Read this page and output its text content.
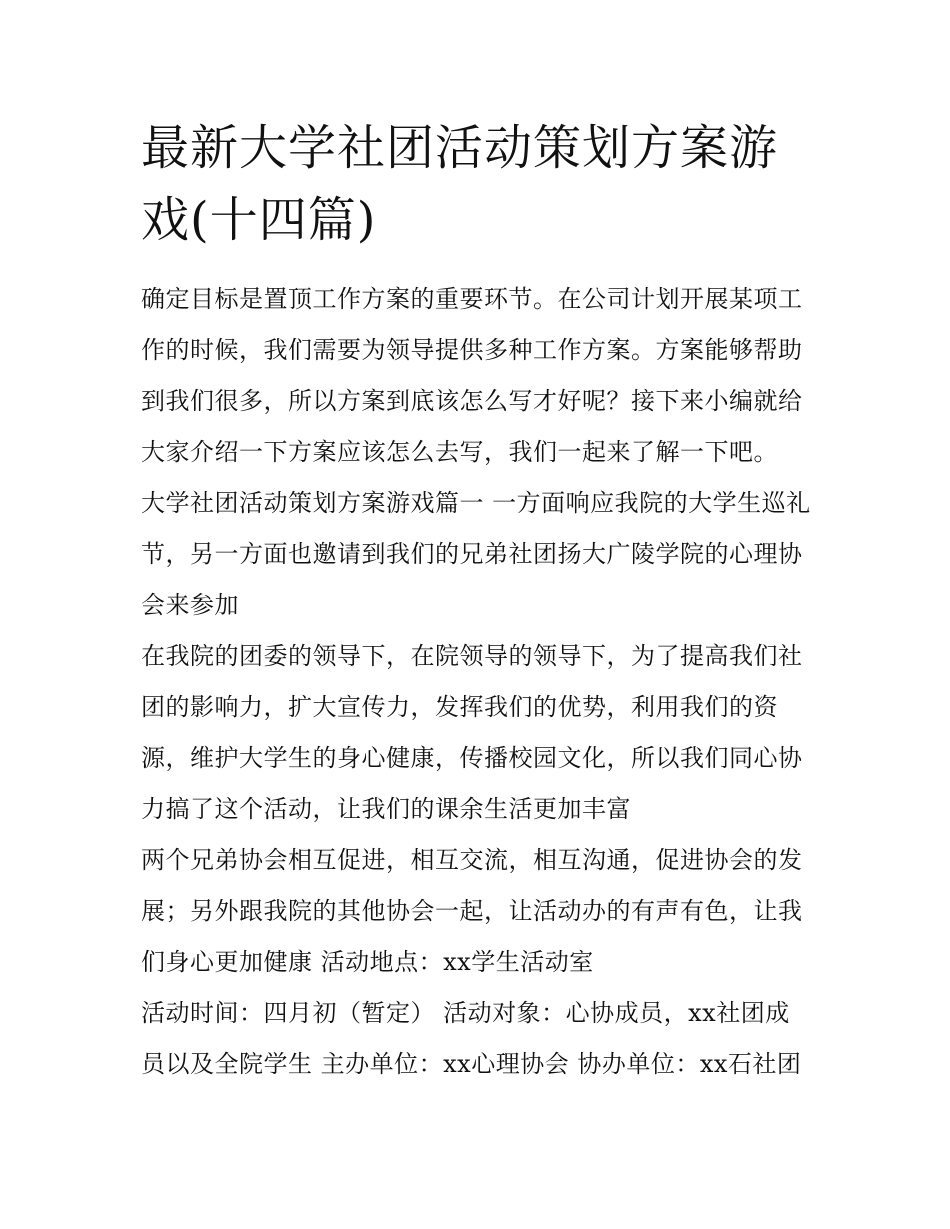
最新大学社团活动策划方案游戏(十四篇)

确定目标是置顶工作方案的重要环节。在公司计划开展某项工作的时候，我们需要为领导提供多种工作方案。方案能够帮助到我们很多，所以方案到底该怎么写才好呢？接下来小编就给大家介绍一下方案应该怎么去写，我们一起来了解一下吧。

大学社团活动策划方案游戏篇一 一方面响应我院的大学生巡礼节，另一方面也邀请到我们的兄弟社团扬大广陵学院的心理协会来参加

在我院的团委的领导下，在院领导的领导下，为了提高我们社团的影响力，扩大宣传力，发挥我们的优势，利用我们的资源，维护大学生的身心健康，传播校园文化，所以我们同心协力搞了这个活动，让我们的课余生活更加丰富

两个兄弟协会相互促进，相互交流，相互沟通，促进协会的发展；另外跟我院的其他协会一起，让活动办的有声有色，让我们身心更加健康 活动地点：xx学生活动室

活动时间：四月初（暂定） 活动对象：心协成员，xx社团成员以及全院学生 主办单位：xx心理协会 协办单位：xx石社团
